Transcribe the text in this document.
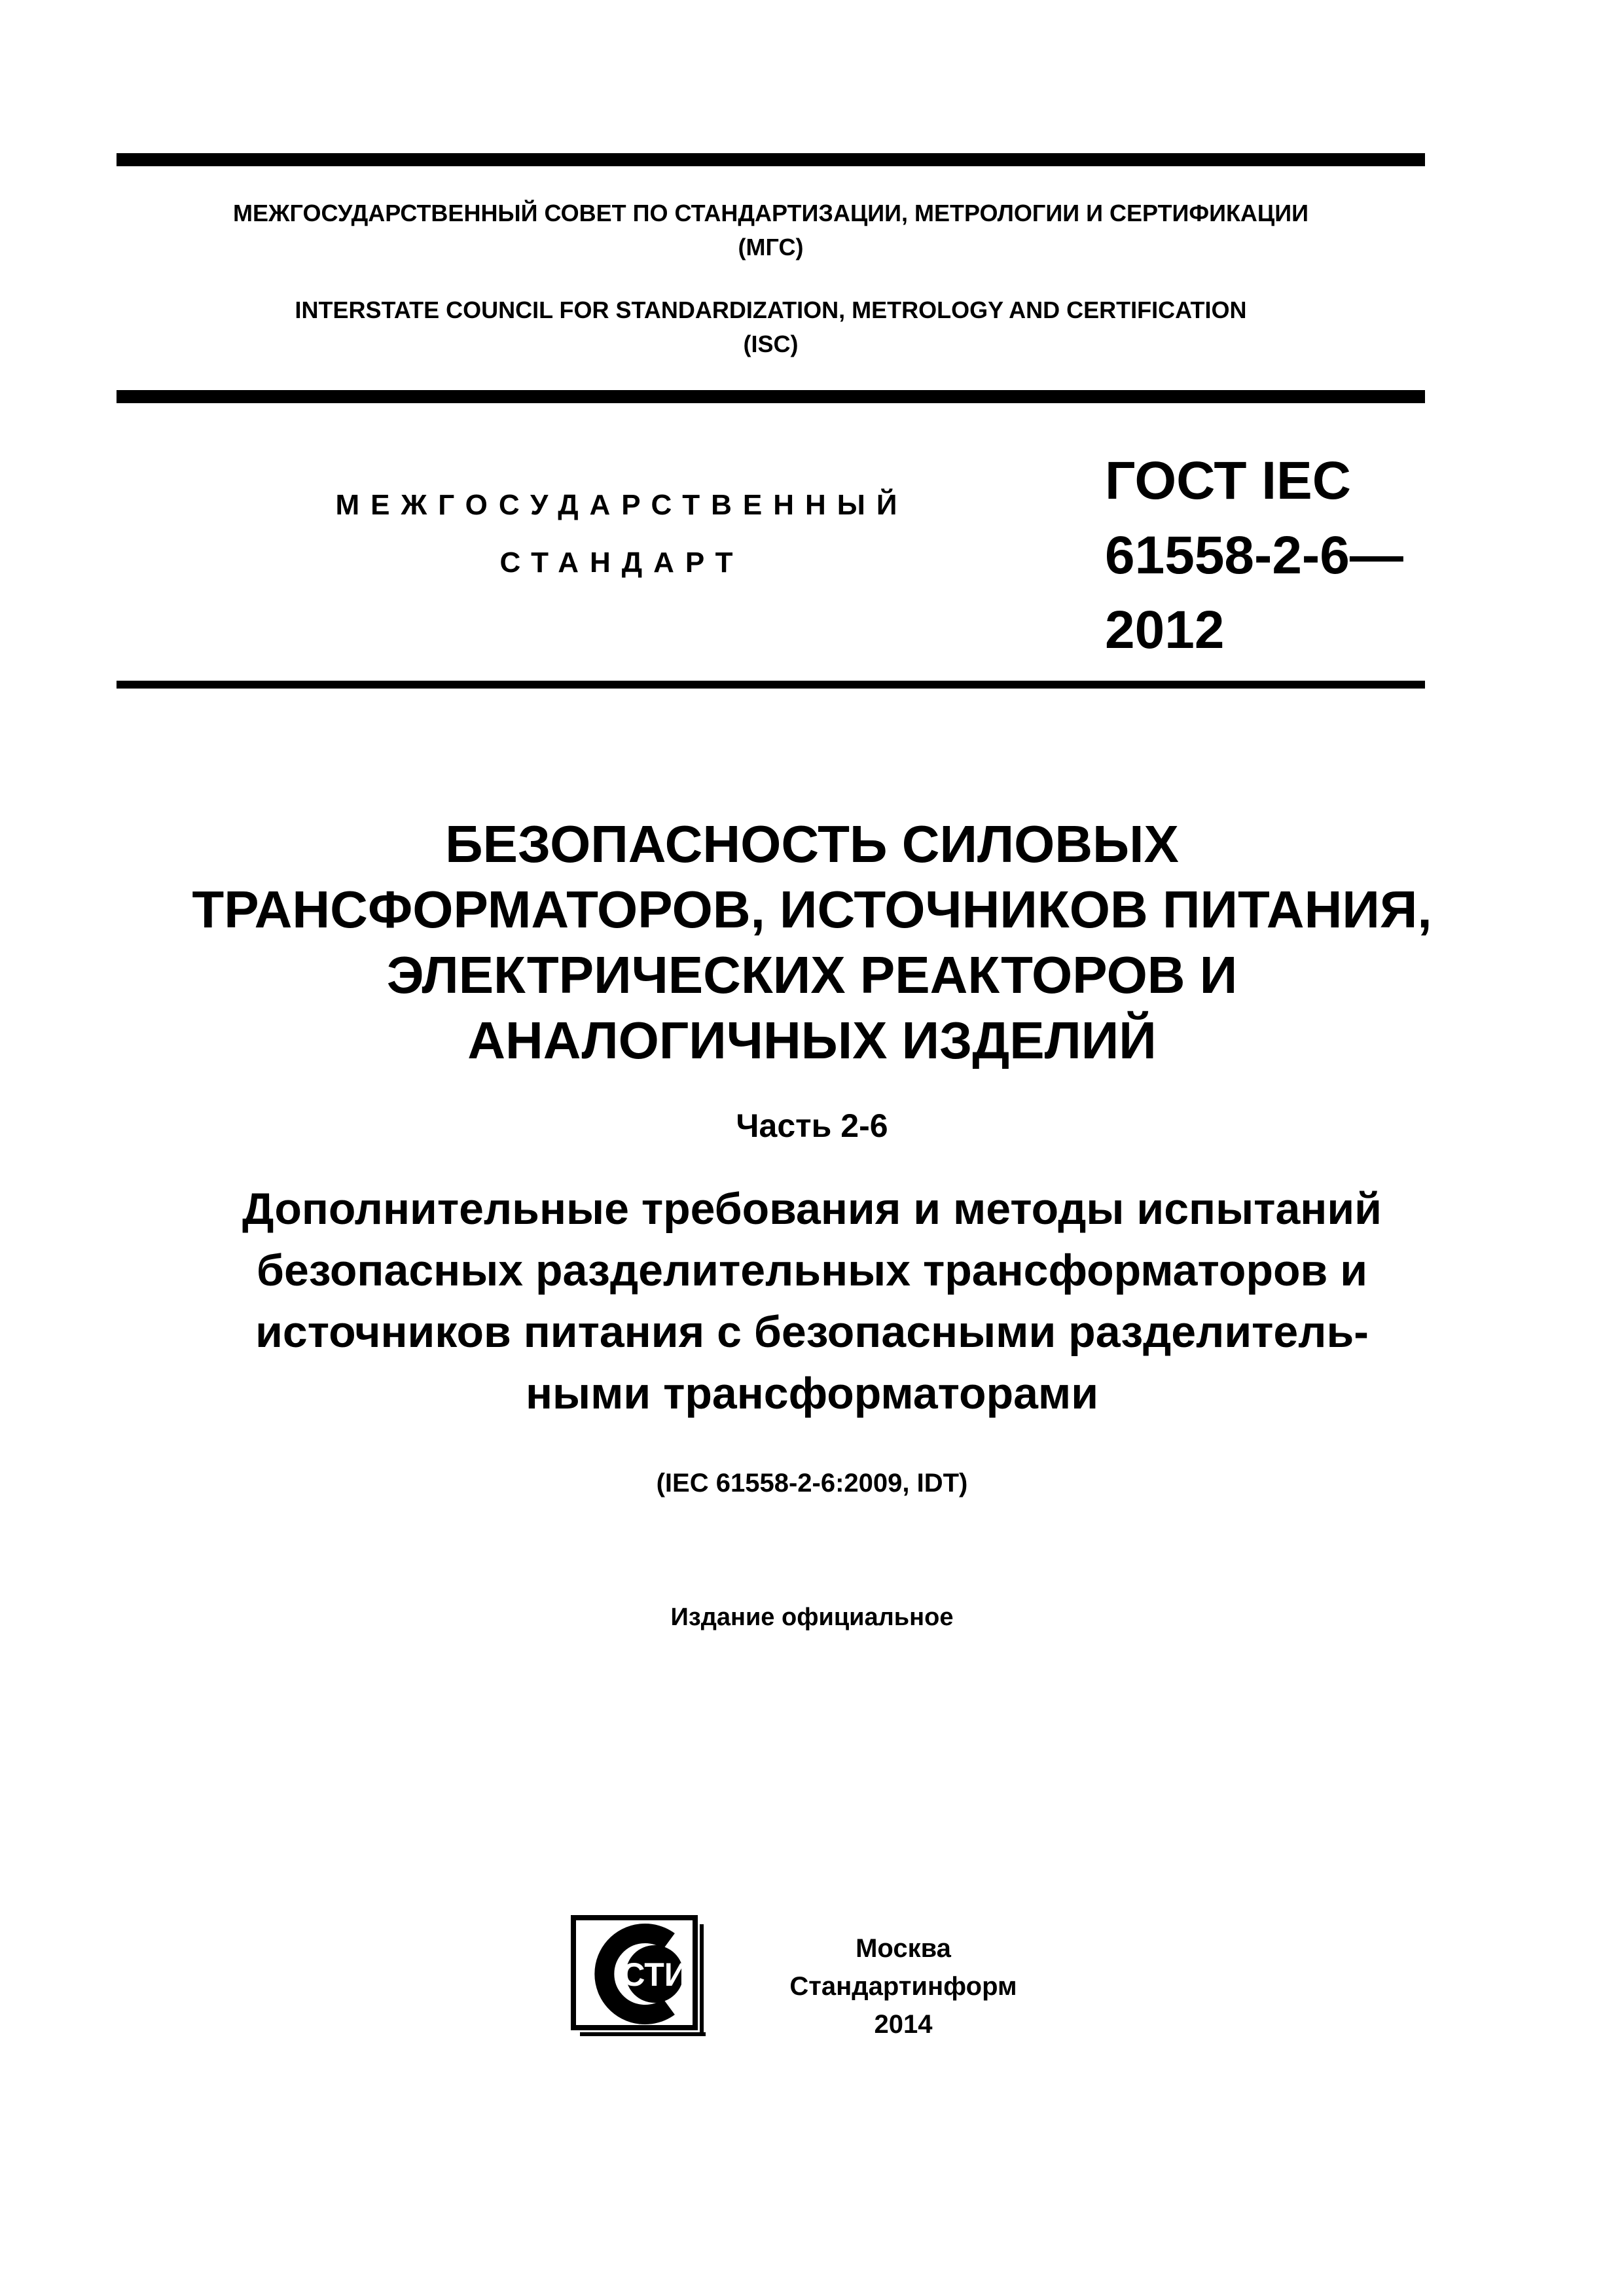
МЕЖГОСУДАРСТВЕННЫЙ СОВЕТ ПО СТАНДАРТИЗАЦИИ, МЕТРОЛОГИИ И СЕРТИФИКАЦИИ
(МГС)
INTERSTATE COUNCIL FOR STANDARDIZATION, METROLOGY AND CERTIFICATION
(ISC)
МЕЖГОСУДАРСТВЕННЫЙ
СТАНДАРТ
ГОСТ IEC
61558-2-6—
2012
БЕЗОПАСНОСТЬ СИЛОВЫХ
ТРАНСФОРМАТОРОВ, ИСТОЧНИКОВ ПИТАНИЯ,
ЭЛЕКТРИЧЕСКИХ РЕАКТОРОВ И
АНАЛОГИЧНЫХ ИЗДЕЛИЙ
Часть 2-6
Дополнительные требования и методы испытаний
безопасных разделительных трансформаторов и
источников питания с безопасными разделитель-
ными трансформаторами
(IEC 61558-2-6:2009, IDT)
Издание официальное
СТИ
Москва
Стандартинформ
2014
